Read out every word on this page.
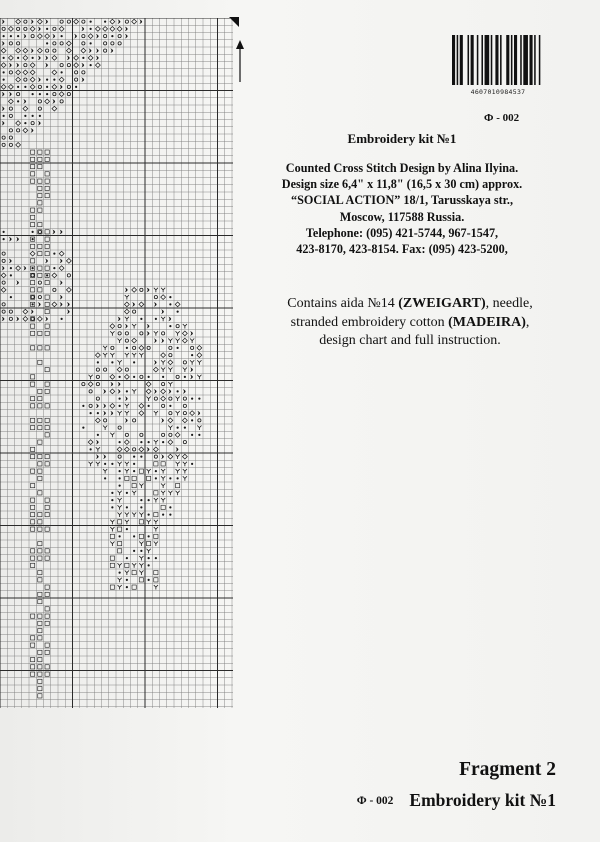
4607010984537
Ф - 002
Embroidery kit №1
Counted Cross Stitch Design by Alina Ilyina.
Design size 6,4" x 11,8" (16,5 x 30 cm) approx.
“SOCIAL ACTION” 18/1, Tarusskaya str.,
Moscow, 117588 Russia.
Telephone: (095) 421-5744, 967-1547,
423-8170, 423-8154. Fax: (095) 423-5200,
Contains aida №14 (ZWEIGART), needle,
stranded embroidery cotton (MADEIRA),
design chart and full instruction.
Fragment 2
Ф - 002 Embroidery kit №1
